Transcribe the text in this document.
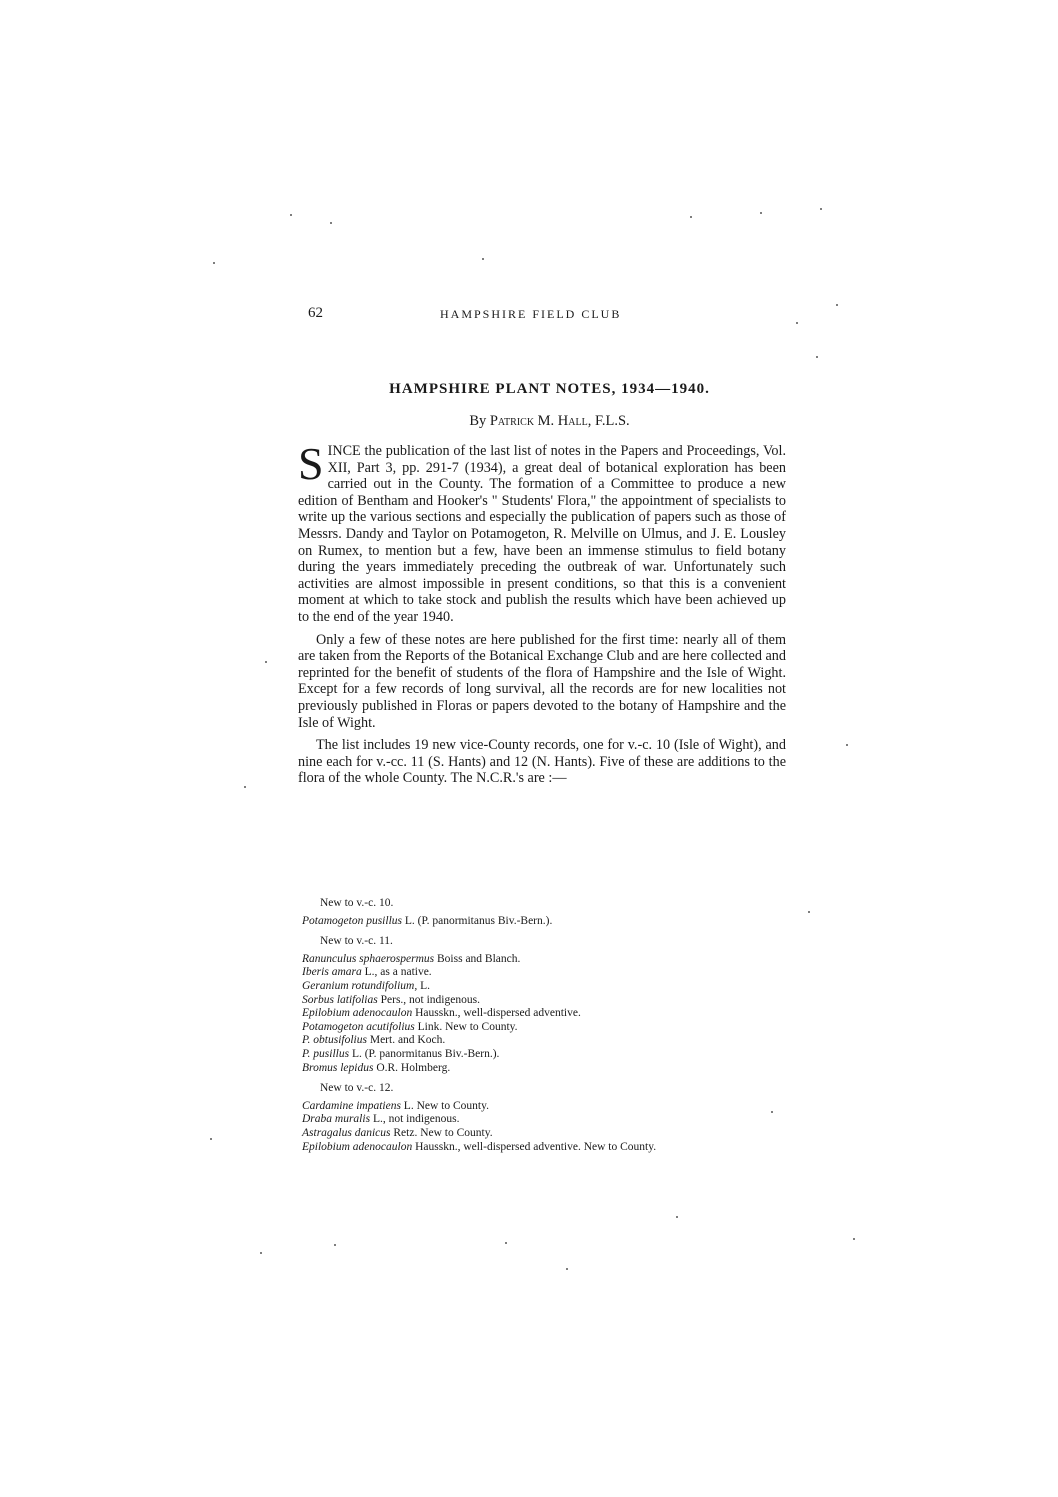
62	HAMPSHIRE FIELD CLUB
HAMPSHIRE PLANT NOTES, 1934—1940.
By Patrick M. Hall, F.L.S.

SINCE the publication of the last list of notes in the Papers and Proceedings, Vol. XII, Part 3, pp. 291-7 (1934), a great deal of botanical exploration has been carried out in the County. The formation of a Committee to produce a new edition of Bentham and Hooker's " Students' Flora," the appointment of specialists to write up the various sections and especially the publication of papers such as those of Messrs. Dandy and Taylor on Potamogeton, R. Melville on Ulmus, and J. E. Lousley on Rumex, to mention but a few, have been an immense stimulus to field botany during the years immediately preceding the outbreak of war. Unfortunately such activities are almost impossible in present conditions, so that this is a convenient moment at which to take stock and publish the results which have been achieved up to the end of the year 1940.

Only a few of these notes are here published for the first time: nearly all of them are taken from the Reports of the Botanical Exchange Club and are here collected and reprinted for the benefit of students of the flora of Hampshire and the Isle of Wight. Except for a few records of long survival, all the records are for new localities not previously published in Floras or papers devoted to the botany of Hampshire and the Isle of Wight.

The list includes 19 new vice-County records, one for v.-c. 10 (Isle of Wight), and nine each for v.-cc. 11 (S. Hants) and 12 (N. Hants). Five of these are additions to the flora of the whole County. The N.C.R.'s are :—

New to v.-c. 10.
Potamogeton pusillus L. (P. panormitanus Biv.-Bern.).
New to v.-c. 11.
Ranunculus sphaerospermus Boiss and Blanch.
Iberis amara L., as a native.
Geranium rotundifolium, L.
Sorbus latifolias Pers., not indigenous.
Epilobium adenocaulon Hausskn., well-dispersed adventive.
Potamogeton acutifolius Link. New to County.
P. obtusifolius Mert. and Koch.
P. pusillus L. (P. panormitanus Biv.-Bern.).
Bromus lepidus O.R. Holmberg.
New to v.-c. 12.
Cardamine impatiens L. New to County.
Draba muralis L., not indigenous.
Astragalus danicus Retz. New to County.
Epilobium adenocaulon Hausskn., well-dispersed adventive. New to County.
